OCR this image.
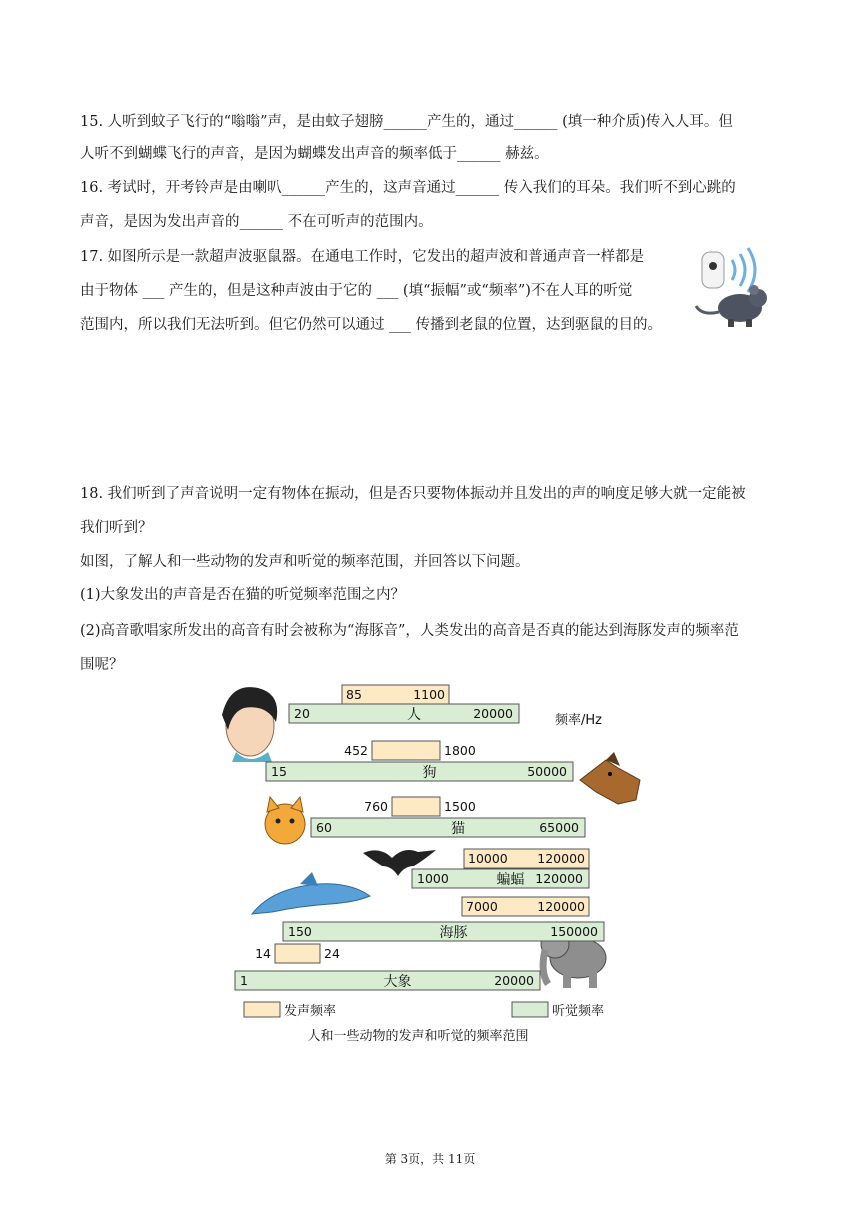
15. 人听到蚊子飞行的“嗡嗡”声，是由蚊子翅膀______产生的，通过______ (填一种介质)传入人耳。但
人听不到蝴蝶飞行的声音，是因为蝴蝶发出声音的频率低于______ 赫兹。
16. 考试时，开考铃声是由喇叭______产生的，这声音通过______ 传入我们的耳朵。我们听不到心跳的
声音，是因为发出声音的______ 不在可听声的范围内。
17. 如图所示是一款超声波驱鼠器。在通电工作时，它发出的超声波和普通声音一样都是
由于物体 ___ 产生的，但是这种声波由于它的 ___ (填“振幅”或“频率”)不在人耳的听觉
范围内，所以我们无法听到。但它仍然可以通过 ___ 传播到老鼠的位置，达到驱鼠的目的。
18. 我们听到了声音说明一定有物体在振动，但是否只要物体振动并且发出的声的响度足够大就一定能被
我们听到？
如图，了解人和一些动物的发声和听觉的频率范围，并回答以下问题。
(1)大象发出的声音是否在猫的听觉频率范围之内？
(2)高音歌唱家所发出的高音有时会被称为“海豚音”，人类发出的高音是否真的能达到海豚发声的频率范
围呢？
20	20000
人
85	1100
15	50000
狗
452	1800
60	65000
猫
760	1500
1000	120000
蝙蝠
10000 120000
150	150000
海豚
7000	120000
1	20000
大象
14	24
频率/Hz
发声频率	听觉频率
人和一些动物的发声和听觉的频率范围
第 3页，共 11页
